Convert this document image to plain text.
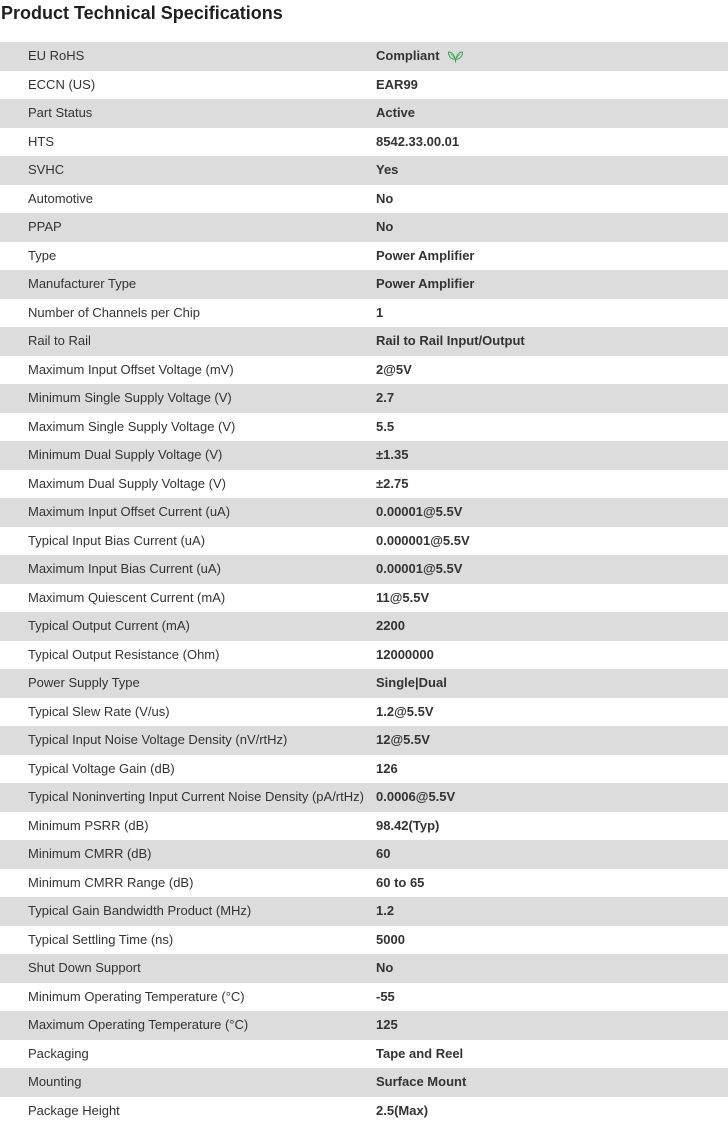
Product Technical Specifications
EU RoHS	Compliant
ECCN (US)	EAR99
Part Status	Active
HTS	8542.33.00.01
SVHC	Yes
Automotive	No
PPAP	No
Type	Power Amplifier
Manufacturer Type	Power Amplifier
Number of Channels per Chip	1
Rail to Rail	Rail to Rail Input/Output
Maximum Input Offset Voltage (mV)	2@5V
Minimum Single Supply Voltage (V)	2.7
Maximum Single Supply Voltage (V)	5.5
Minimum Dual Supply Voltage (V)	±1.35
Maximum Dual Supply Voltage (V)	±2.75
Maximum Input Offset Current (uA)	0.00001@5.5V
Typical Input Bias Current (uA)	0.000001@5.5V
Maximum Input Bias Current (uA)	0.00001@5.5V
Maximum Quiescent Current (mA)	11@5.5V
Typical Output Current (mA)	2200
Typical Output Resistance (Ohm)	12000000
Power Supply Type	Single|Dual
Typical Slew Rate (V/us)	1.2@5.5V
Typical Input Noise Voltage Density (nV/rtHz)	12@5.5V
Typical Voltage Gain (dB)	126
Typical Noninverting Input Current Noise Density (pA/rtHz) 0.0006@5.5V
Minimum PSRR (dB)	98.42(Typ)
Minimum CMRR (dB)	60
Minimum CMRR Range (dB)	60 to 65
Typical Gain Bandwidth Product (MHz)	1.2
Typical Settling Time (ns)	5000
Shut Down Support	No
Minimum Operating Temperature (°C)	-55
Maximum Operating Temperature (°C)	125
Packaging	Tape and Reel
Mounting	Surface Mount
Package Height	2.5(Max)
